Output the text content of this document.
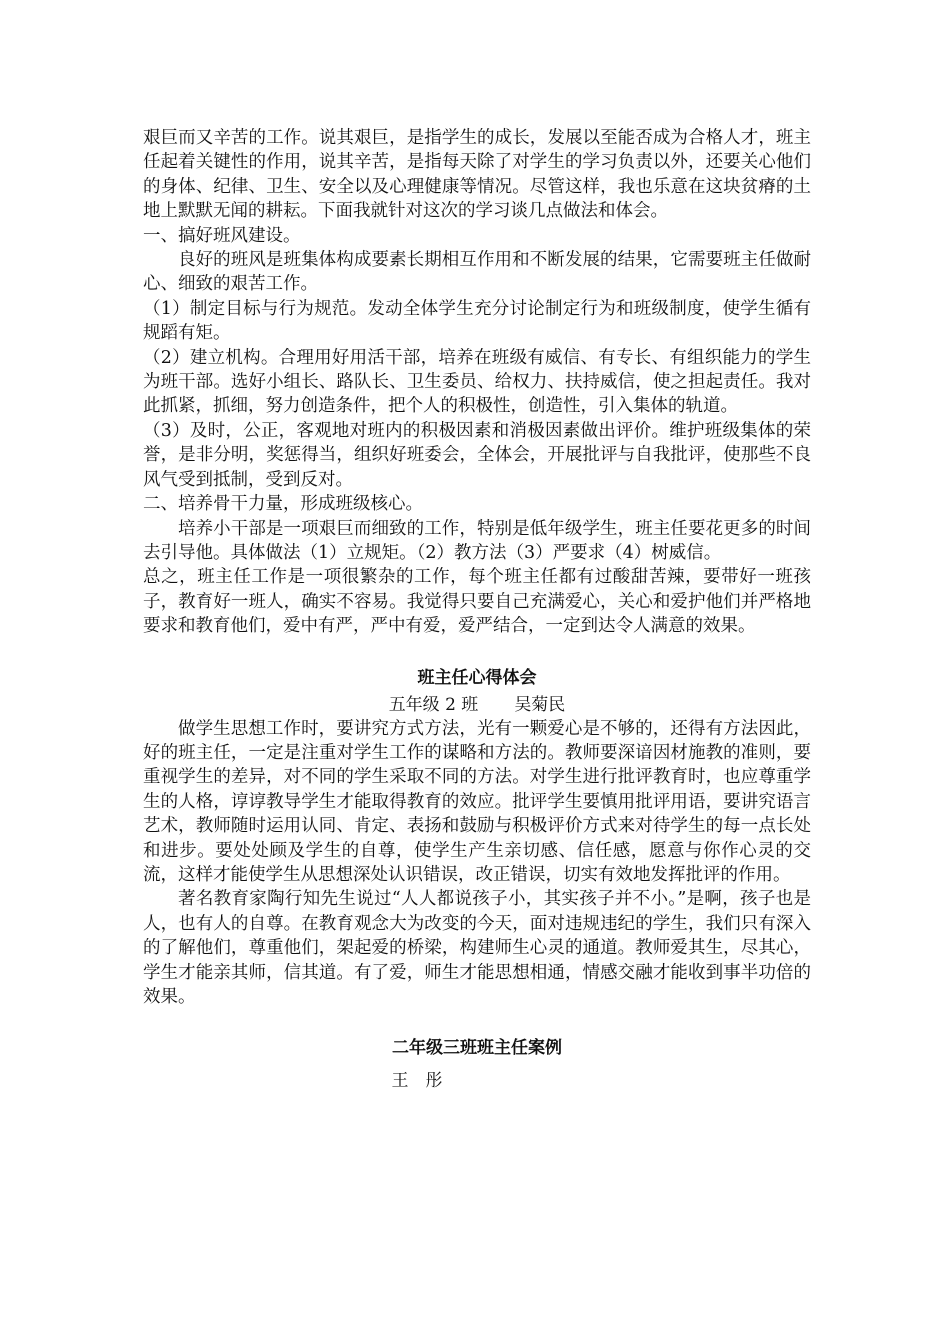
艰巨而又辛苦的工作。说其艰巨，是指学生的成长，发展以至能否成为合格人才，班主任起着关键性的作用，说其辛苦，是指每天除了对学生的学习负责以外，还要关心他们的身体、纪律、卫生、安全以及心理健康等情况。尽管这样，我也乐意在这块贫瘠的土地上默默无闻的耕耘。下面我就针对这次的学习谈几点做法和体会。

一、搞好班风建设。

良好的班风是班集体构成要素长期相互作用和不断发展的结果，它需要班主任做耐心、细致的艰苦工作。

（1）制定目标与行为规范。发动全体学生充分讨论制定行为和班级制度，使学生循有规蹈有矩。

（2）建立机构。合理用好用活干部，培养在班级有威信、有专长、有组织能力的学生为班干部。选好小组长、路队长、卫生委员、给权力、扶持威信，使之担起责任。我对此抓紧，抓细，努力创造条件，把个人的积极性，创造性，引入集体的轨道。

（3）及时，公正，客观地对班内的积极因素和消极因素做出评价。维护班级集体的荣誉，是非分明，奖惩得当，组织好班委会，全体会，开展批评与自我批评，使那些不良风气受到抵制，受到反对。

二、培养骨干力量，形成班级核心。

培养小干部是一项艰巨而细致的工作，特别是低年级学生，班主任要花更多的时间去引导他。具体做法（1）立规矩。（2）教方法（3）严要求（4）树威信。

总之，班主任工作是一项很繁杂的工作，每个班主任都有过酸甜苦辣，要带好一班孩子，教育好一班人，确实不容易。我觉得只要自己充满爱心，关心和爱护他们并严格地要求和教育他们，爱中有严，严中有爱，爱严结合，一定到达令人满意的效果。

班主任心得体会

五年级 2 班 吴菊民

做学生思想工作时，要讲究方式方法，光有一颗爱心是不够的，还得有方法因此，好的班主任，一定是注重对学生工作的谋略和方法的。教师要深谙因材施教的准则，要重视学生的差异，对不同的学生采取不同的方法。对学生进行批评教育时，也应尊重学生的人格，谆谆教导学生才能取得教育的效应。批评学生要慎用批评用语，要讲究语言艺术，教师随时运用认同、肯定、表扬和鼓励与积极评价方式来对待学生的每一点长处和进步。要处处顾及学生的自尊，使学生产生亲切感、信任感，愿意与你作心灵的交流，这样才能使学生从思想深处认识错误，改正错误，切实有效地发挥批评的作用。

著名教育家陶行知先生说过“人人都说孩子小，其实孩子并不小。”是啊，孩子也是人，也有人的自尊。在教育观念大为改变的今天，面对违规违纪的学生，我们只有深入的了解他们，尊重他们，架起爱的桥梁，构建师生心灵的通道。教师爱其生，尽其心，学生才能亲其师，信其道。有了爱，师生才能思想相通，情感交融才能收到事半功倍的效果。

二年级三班班主任案例

王　彤
